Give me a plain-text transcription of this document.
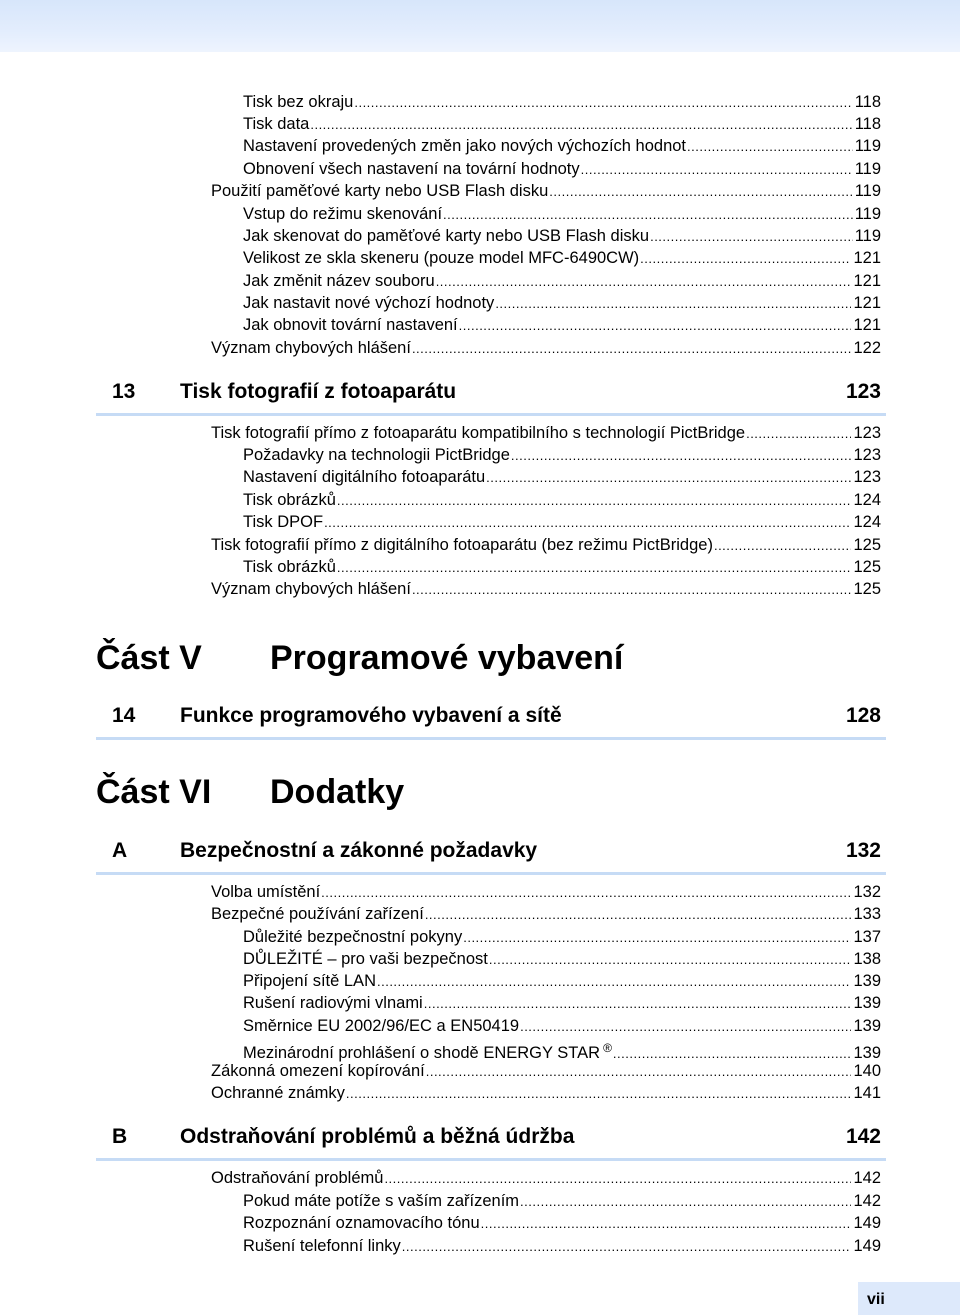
Tisk bez okraju .....	118
Tisk data .....	118
Nastavení provedených změn jako nových výchozích hodnot .....	119
Obnovení všech nastavení na tovární hodnoty .....	119
Použití paměťové karty nebo USB Flash disku .....	119
Vstup do režimu skenování .....	119
Jak skenovat do paměťové karty nebo USB Flash disku .....	119
Velikost ze skla skeneru (pouze model MFC-6490CW) .....	121
Jak změnit název souboru .....	121
Jak nastavit nové výchozí hodnoty .....	121
Jak obnovit tovární nastavení .....	121
Význam chybových hlášení .....	122
13 Tisk fotografií z fotoaparátu	123
Tisk fotografií přímo z fotoaparátu kompatibilního s technologií PictBridge .....	123
Požadavky na technologii PictBridge .....	123
Nastavení digitálního fotoaparátu .....	123
Tisk obrázků .....	124
Tisk DPOF .....	124
Tisk fotografií přímo z digitálního fotoaparátu (bez režimu PictBridge) .....	125
Tisk obrázků .....	125
Význam chybových hlášení .....	125
Část V Programové vybavení
14 Funkce programového vybavení a sítě	128
Část VI Dodatky
A	Bezpečnostní a zákonné požadavky	132
Volba umístění .....	132
Bezpečné používání zařízení .....	133
Důležité bezpečnostní pokyny .....	137
DŮLEŽITÉ – pro vaši bezpečnost .....	138
Připojení sítě LAN .....	139
Rušení radiovými vlnami .....	139
Směrnice EU 2002/96/EC a EN50419 .....	139
Mezinárodní prohlášení o shodě ENERGY STAR ® .....	139
Zákonná omezení kopírování .....	140
Ochranné známky .....	141
B	Odstraňování problémů a běžná údržba	142
Odstraňování problémů .....	142
Pokud máte potíže s vaším zařízením .....	142
Rozpoznání oznamovacího tónu .....	149
Rušení telefonní linky .....	149
vii
